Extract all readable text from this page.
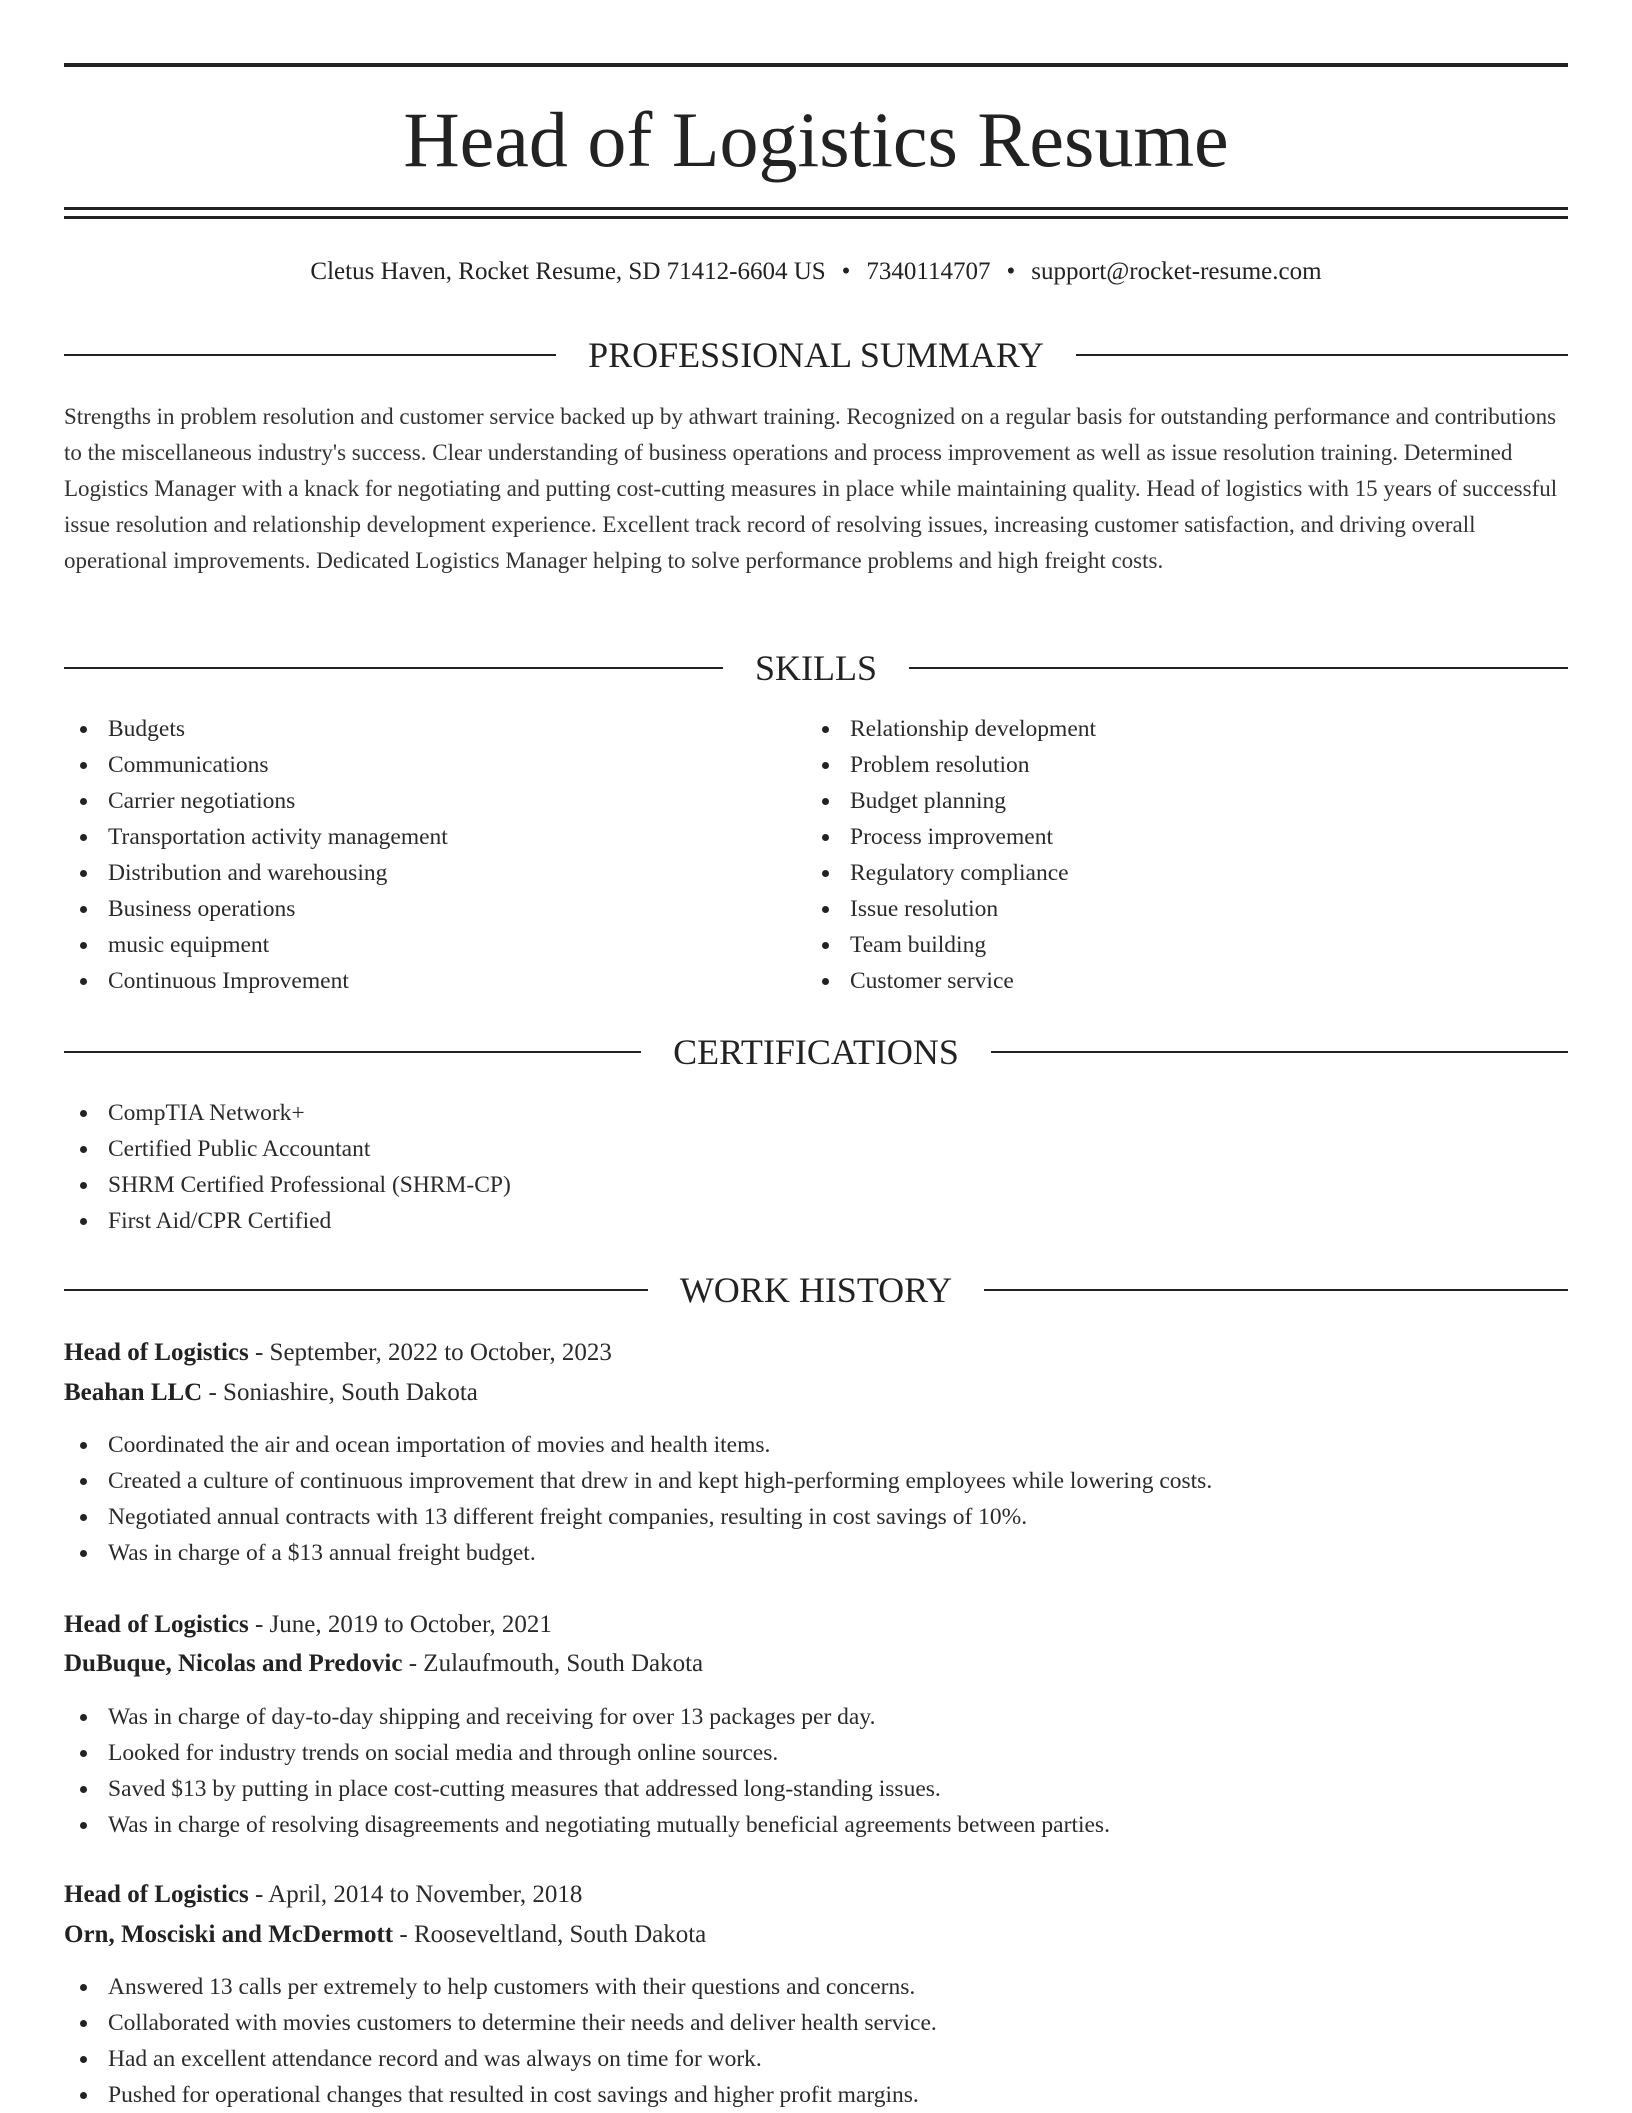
Head of Logistics Resume
Cletus Haven, Rocket Resume, SD 71412-6604 US • 7340114707 • support@rocket-resume.com
PROFESSIONAL SUMMARY

Strengths in problem resolution and customer service backed up by athwart training. Recognized on a regular basis for outstanding performance and contributions to the miscellaneous industry's success. Clear understanding of business operations and process improvement as well as issue resolution training. Determined Logistics Manager with a knack for negotiating and putting cost-cutting measures in place while maintaining quality. Head of logistics with 15 years of successful issue resolution and relationship development experience. Excellent track record of resolving issues, increasing customer satisfaction, and driving overall operational improvements. Dedicated Logistics Manager helping to solve performance problems and high freight costs.

SKILLS
Budgets
Communications
Carrier negotiations
Transportation activity management
Distribution and warehousing
Business operations
music equipment
Continuous Improvement
Relationship development
Problem resolution
Budget planning
Process improvement
Regulatory compliance
Issue resolution
Team building
Customer service
CERTIFICATIONS
CompTIA Network+
Certified Public Accountant
SHRM Certified Professional (SHRM-CP)
First Aid/CPR Certified
WORK HISTORY
Head of Logistics - September, 2022 to October, 2023
Beahan LLC - Soniashire, South Dakota
Coordinated the air and ocean importation of movies and health items.
Created a culture of continuous improvement that drew in and kept high-performing employees while lowering costs.
Negotiated annual contracts with 13 different freight companies, resulting in cost savings of 10%.
Was in charge of a $13 annual freight budget.
Head of Logistics - June, 2019 to October, 2021
DuBuque, Nicolas and Predovic - Zulaufmouth, South Dakota
Was in charge of day-to-day shipping and receiving for over 13 packages per day.
Looked for industry trends on social media and through online sources.
Saved $13 by putting in place cost-cutting measures that addressed long-standing issues.
Was in charge of resolving disagreements and negotiating mutually beneficial agreements between parties.
Head of Logistics - April, 2014 to November, 2018
Orn, Mosciski and McDermott - Rooseveltland, South Dakota
Answered 13 calls per extremely to help customers with their questions and concerns.
Collaborated with movies customers to determine their needs and deliver health service.
Had an excellent attendance record and was always on time for work.
Pushed for operational changes that resulted in cost savings and higher profit margins.
